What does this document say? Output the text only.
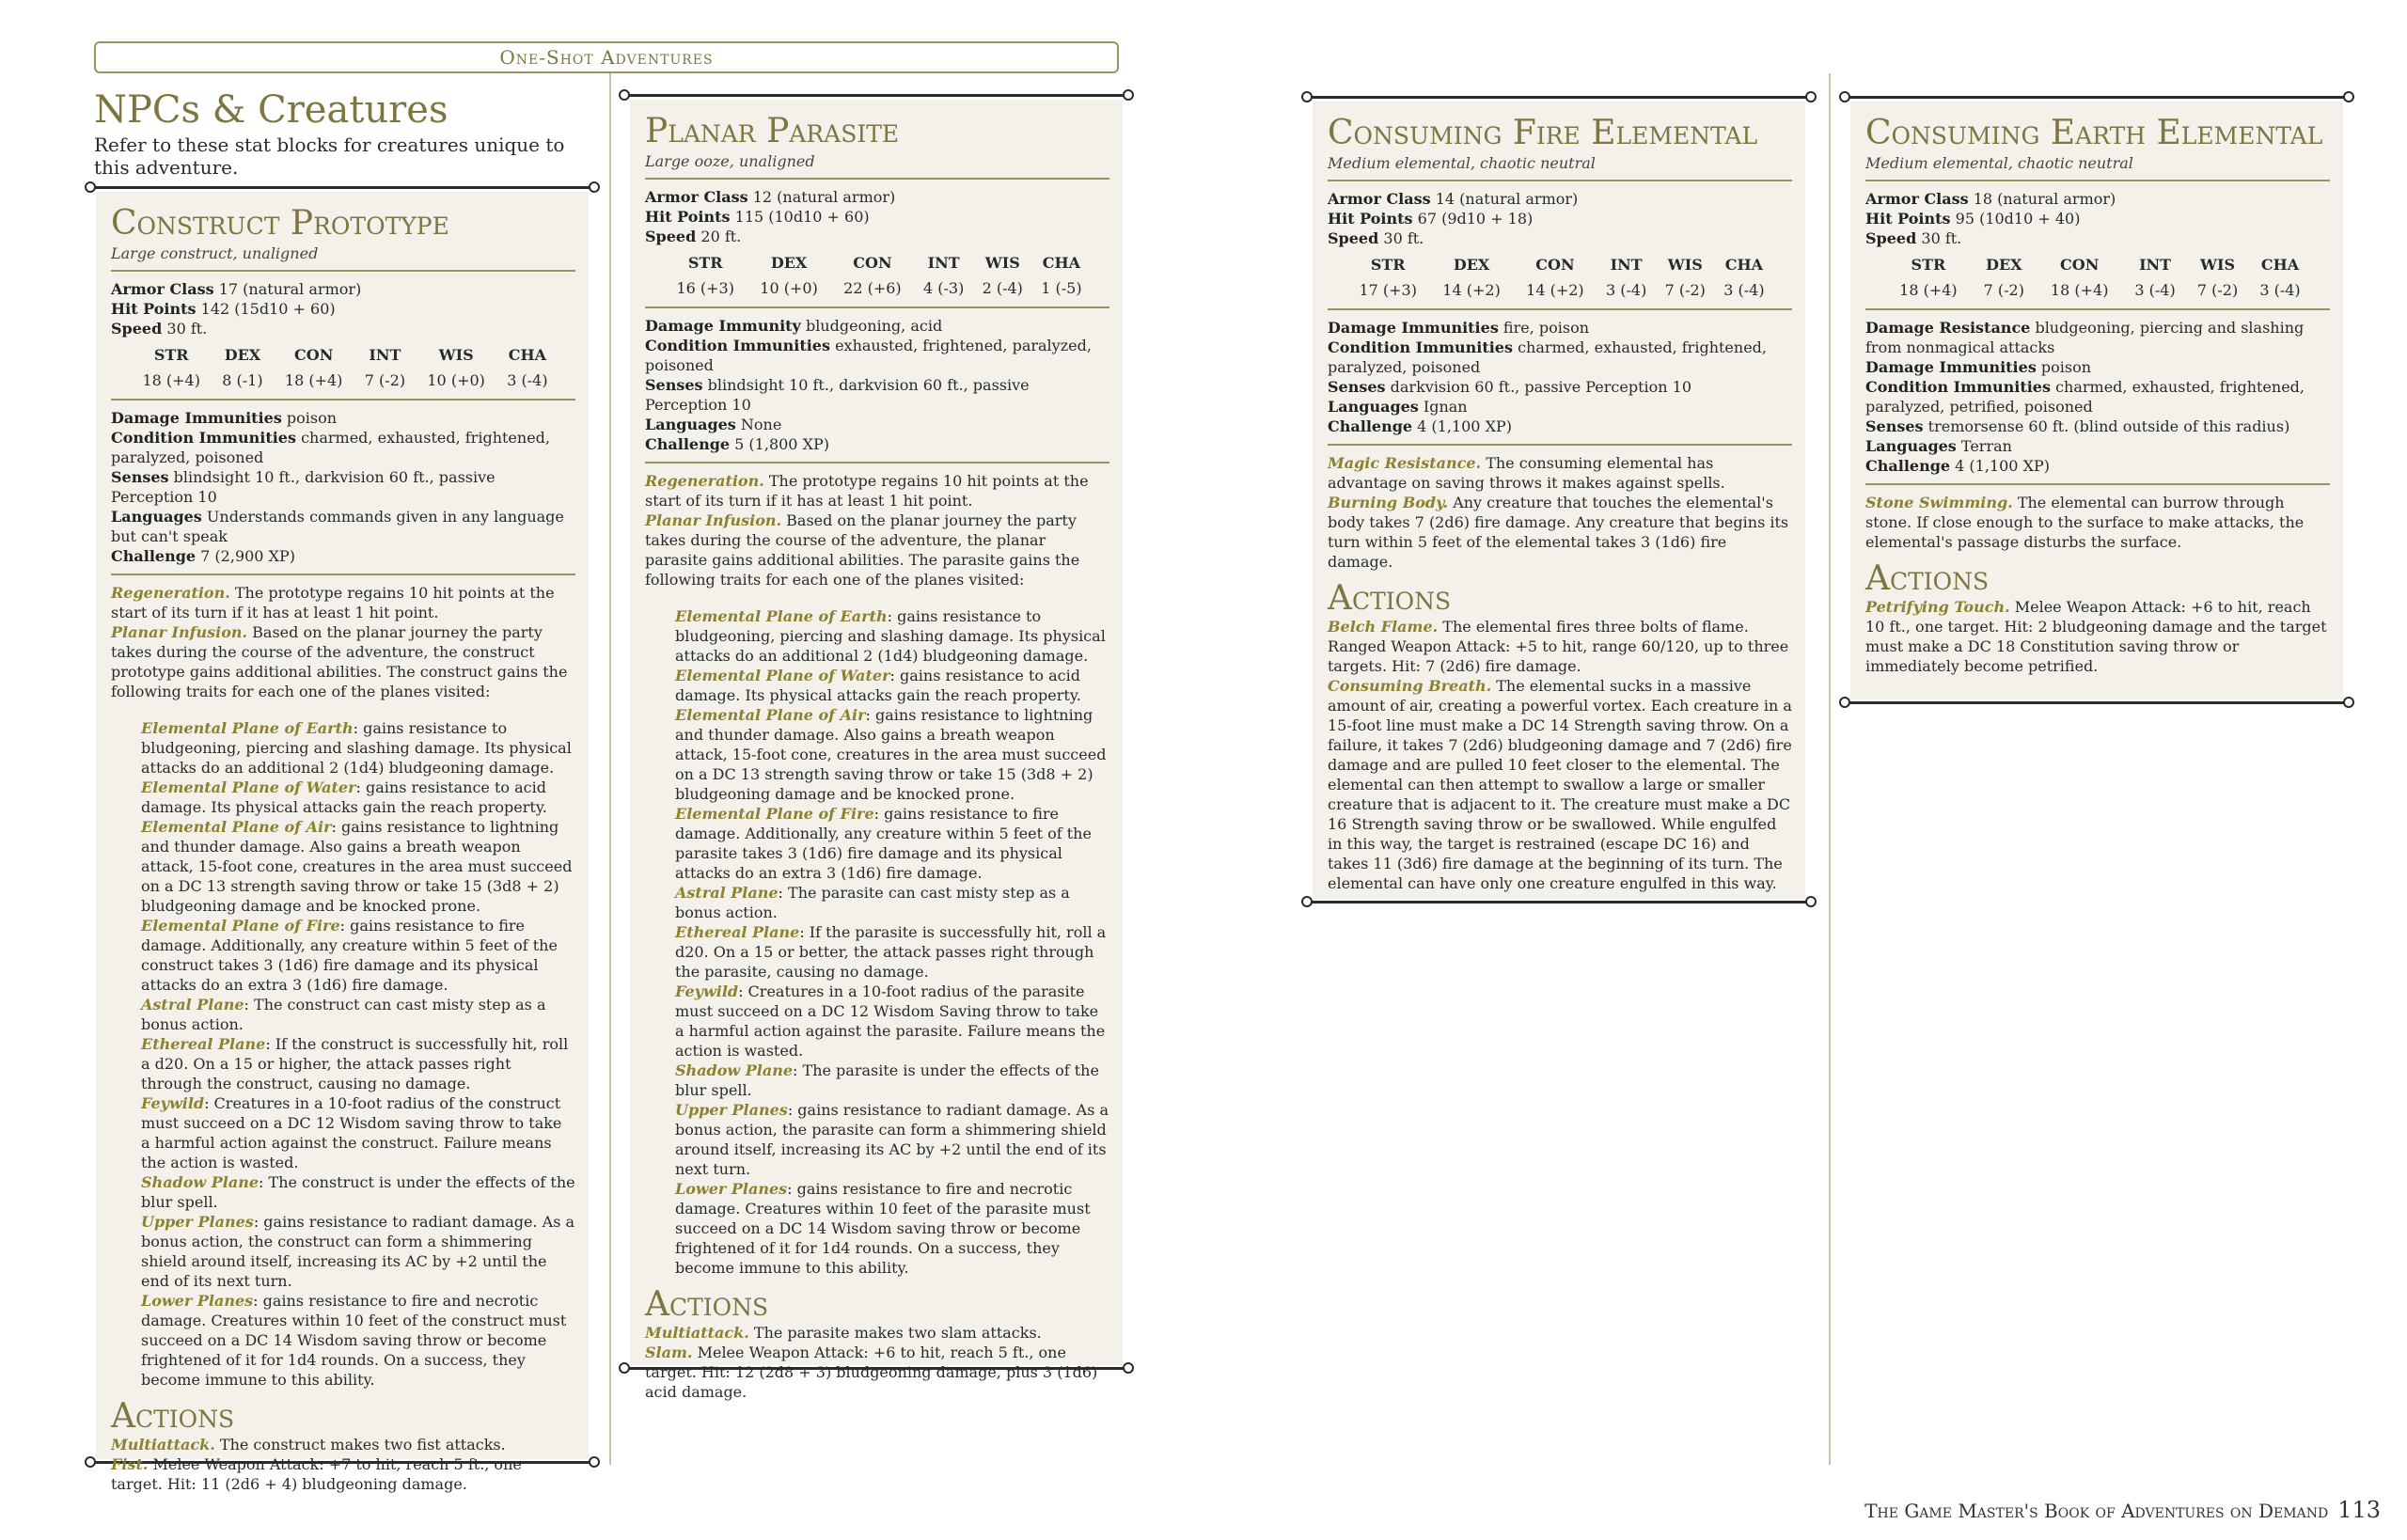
One-Shot Adventures
NPCs & Creatures

Refer to these stat blocks for creatures unique to this adventure.

Construct Prototype
Large construct, unaligned

Armor Class 17 (natural armor)

Hit Points 142 (15d10 + 60)

Speed 30 ft.

STR	DEX	CON	INT	WIS	CHA
18 (+4)	8 (-1)	18 (+4)	7 (-2)	10 (+0)	3 (-4)

Damage Immunities poison

Condition Immunities charmed, exhausted, frightened, paralyzed, poisoned

Senses blindsight 10 ft., darkvision 60 ft., passive Perception 10

Languages Understands commands given in any language but can't speak

Challenge 7 (2,900 XP)

Regeneration. The prototype regains 10 hit points at the start of its turn if it has at least 1 hit point.

Planar Infusion. Based on the planar journey the party takes during the course of the adventure, the construct prototype gains additional abilities. The construct gains the following traits for each one of the planes visited:

Elemental Plane of Earth: gains resistance to bludgeoning, piercing and slashing damage. Its physical attacks do an additional 2 (1d4) bludgeoning damage.

Elemental Plane of Water: gains resistance to acid damage. Its physical attacks gain the reach property.

Elemental Plane of Air: gains resistance to lightning and thunder damage. Also gains a breath weapon attack, 15-foot cone, creatures in the area must succeed on a DC 13 strength saving throw or take 15 (3d8 + 2) bludgeoning damage and be knocked prone.

Elemental Plane of Fire: gains resistance to fire damage. Additionally, any creature within 5 feet of the construct takes 3 (1d6) fire damage and its physical attacks do an extra 3 (1d6) fire damage.

Astral Plane: The construct can cast misty step as a bonus action.

Ethereal Plane: If the construct is successfully hit, roll a d20. On a 15 or higher, the attack passes right through the construct, causing no damage.

Feywild: Creatures in a 10-foot radius of the construct must succeed on a DC 12 Wisdom saving throw to take a harmful action against the construct. Failure means the action is wasted.

Shadow Plane: The construct is under the effects of the blur spell.

Upper Planes: gains resistance to radiant damage. As a bonus action, the construct can form a shimmering shield around itself, increasing its AC by +2 until the end of its next turn.

Lower Planes: gains resistance to fire and necrotic damage. Creatures within 10 feet of the construct must succeed on a DC 14 Wisdom saving throw or become frightened of it for 1d4 rounds. On a success, they become immune to this ability.

Actions

Multiattack. The construct makes two fist attacks.

Fist. Melee Weapon Attack: +7 to hit, reach 5 ft., one target. Hit: 11 (2d6 + 4) bludgeoning damage.

Planar Parasite
Large ooze, unaligned

Armor Class 12 (natural armor)

Hit Points 115 (10d10 + 60)

Speed 20 ft.

STR	DEX	CON	INT	WIS	CHA
16 (+3)	10 (+0)	22 (+6)	4 (-3)	2 (-4)	1 (-5)

Damage Immunity bludgeoning, acid

Condition Immunities exhausted, frightened, paralyzed, poisoned

Senses blindsight 10 ft., darkvision 60 ft., passive Perception 10

Languages None

Challenge 5 (1,800 XP)

Regeneration. The prototype regains 10 hit points at the start of its turn if it has at least 1 hit point.

Planar Infusion. Based on the planar journey the party takes during the course of the adventure, the planar parasite gains additional abilities. The parasite gains the following traits for each one of the planes visited:

Elemental Plane of Earth: gains resistance to bludgeoning, piercing and slashing damage. Its physical attacks do an additional 2 (1d4) bludgeoning damage.

Elemental Plane of Water: gains resistance to acid damage. Its physical attacks gain the reach property.

Elemental Plane of Air: gains resistance to lightning and thunder damage. Also gains a breath weapon attack, 15-foot cone, creatures in the area must succeed on a DC 13 strength saving throw or take 15 (3d8 + 2) bludgeoning damage and be knocked prone.

Elemental Plane of Fire: gains resistance to fire damage. Additionally, any creature within 5 feet of the parasite takes 3 (1d6) fire damage and its physical attacks do an extra 3 (1d6) fire damage.

Astral Plane: The parasite can cast misty step as a bonus action.

Ethereal Plane: If the parasite is successfully hit, roll a d20. On a 15 or better, the attack passes right through the parasite, causing no damage.

Feywild: Creatures in a 10-foot radius of the parasite must succeed on a DC 12 Wisdom Saving throw to take a harmful action against the parasite. Failure means the action is wasted.

Shadow Plane: The parasite is under the effects of the blur spell.

Upper Planes: gains resistance to radiant damage. As a bonus action, the parasite can form a shimmering shield around itself, increasing its AC by +2 until the end of its next turn.

Lower Planes: gains resistance to fire and necrotic damage. Creatures within 10 feet of the parasite must succeed on a DC 14 Wisdom saving throw or become frightened of it for 1d4 rounds. On a success, they become immune to this ability.

Actions

Multiattack. The parasite makes two slam attacks.

Slam. Melee Weapon Attack: +6 to hit, reach 5 ft., one target. Hit: 12 (2d8 + 3) bludgeoning damage, plus 3 (1d6) acid damage.

Consuming Fire Elemental
Medium elemental, chaotic neutral

Armor Class 14 (natural armor)

Hit Points 67 (9d10 + 18)

Speed 30 ft.

STR	DEX	CON	INT	WIS	CHA
17 (+3)	14 (+2)	14 (+2)	3 (-4)	7 (-2)	3 (-4)

Damage Immunities fire, poison

Condition Immunities charmed, exhausted, frightened, paralyzed, poisoned

Senses darkvision 60 ft., passive Perception 10

Languages Ignan

Challenge 4 (1,100 XP)

Magic Resistance. The consuming elemental has advantage on saving throws it makes against spells.

Burning Body. Any creature that touches the elemental's body takes 7 (2d6) fire damage. Any creature that begins its turn within 5 feet of the elemental takes 3 (1d6) fire damage.

Actions

Belch Flame. The elemental fires three bolts of flame. Ranged Weapon Attack: +5 to hit, range 60/120, up to three targets. Hit: 7 (2d6) fire damage.

Consuming Breath. The elemental sucks in a massive amount of air, creating a powerful vortex. Each creature in a 15-foot line must make a DC 14 Strength saving throw. On a failure, it takes 7 (2d6) bludgeoning damage and 7 (2d6) fire damage and are pulled 10 feet closer to the elemental. The elemental can then attempt to swallow a large or smaller creature that is adjacent to it. The creature must make a DC 16 Strength saving throw or be swallowed. While engulfed in this way, the target is restrained (escape DC 16) and takes 11 (3d6) fire damage at the beginning of its turn. The elemental can have only one creature engulfed in this way.

Consuming Earth Elemental
Medium elemental, chaotic neutral

Armor Class 18 (natural armor)

Hit Points 95 (10d10 + 40)

Speed 30 ft.

STR	DEX	CON	INT	WIS	CHA
18 (+4)	7 (-2)	18 (+4)	3 (-4)	7 (-2)	3 (-4)

Damage Resistance bludgeoning, piercing and slashing from nonmagical attacks

Damage Immunities poison

Condition Immunities charmed, exhausted, frightened, paralyzed, petrified, poisoned

Senses tremorsense 60 ft. (blind outside of this radius)

Languages Terran

Challenge 4 (1,100 XP)

Stone Swimming. The elemental can burrow through stone. If close enough to the surface to make attacks, the elemental's passage disturbs the surface.

Actions

Petrifying Touch. Melee Weapon Attack: +6 to hit, reach 10 ft., one target. Hit: 2 bludgeoning damage and the target must make a DC 18 Constitution saving throw or immediately become petrified.

The Game Master's Book of Adventures on Demand 113
